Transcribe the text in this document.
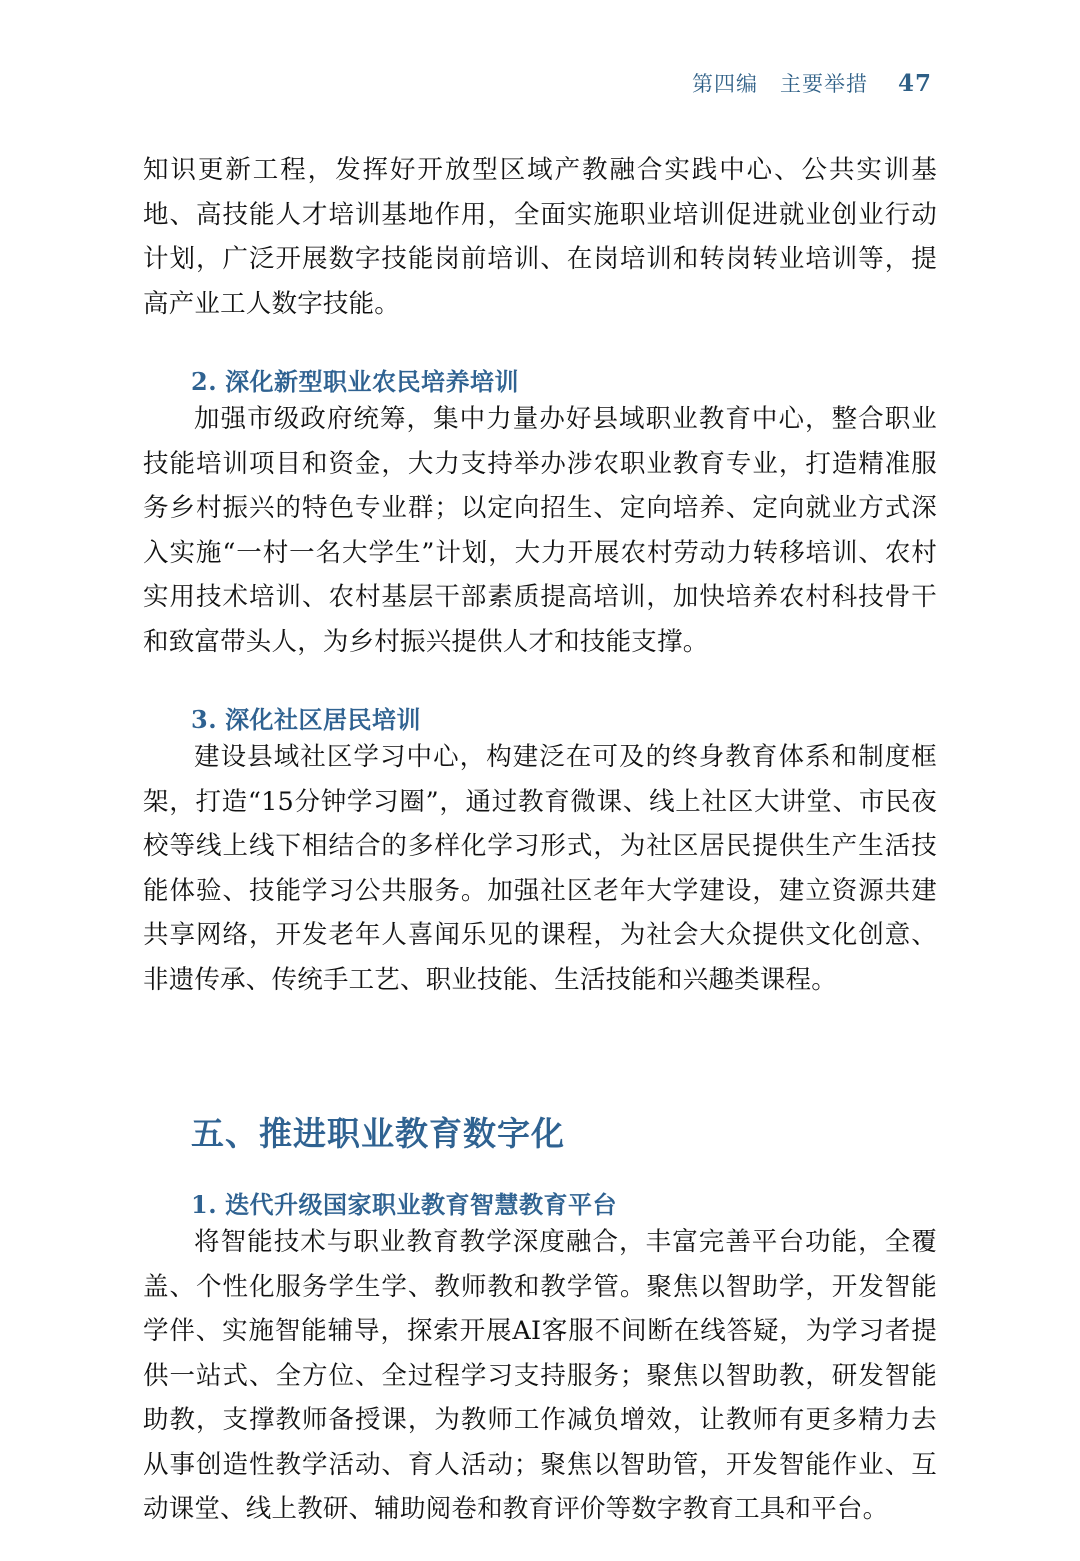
第四编 主要举措 47

知识更新工程，发挥好开放型区域产教融合实践中心、公共实训基地、高技能人才培训基地作用，全面实施职业培训促进就业创业行动计划，广泛开展数字技能岗前培训、在岗培训和转岗转业培训等，提高产业工人数字技能。

2. 深化新型职业农民培养培训

加强市级政府统筹，集中力量办好县域职业教育中心，整合职业技能培训项目和资金，大力支持举办涉农职业教育专业，打造精准服务乡村振兴的特色专业群；以定向招生、定向培养、定向就业方式深入实施“一村一名大学生”计划，大力开展农村劳动力转移培训、农村实用技术培训、农村基层干部素质提高培训，加快培养农村科技骨干和致富带头人，为乡村振兴提供人才和技能支撑。

3. 深化社区居民培训

建设县域社区学习中心，构建泛在可及的终身教育体系和制度框架，打造“15分钟学习圈”，通过教育微课、线上社区大讲堂、市民夜校等线上线下相结合的多样化学习形式，为社区居民提供生产生活技能体验、技能学习公共服务。加强社区老年大学建设，建立资源共建共享网络，开发老年人喜闻乐见的课程，为社会大众提供文化创意、非遗传承、传统手工艺、职业技能、生活技能和兴趣类课程。

五、推进职业教育数字化

1. 迭代升级国家职业教育智慧教育平台

将智能技术与职业教育教学深度融合，丰富完善平台功能，全覆盖、个性化服务学生学、教师教和教学管。聚焦以智助学，开发智能学伴、实施智能辅导，探索开展AI客服不间断在线答疑，为学习者提供一站式、全方位、全过程学习支持服务；聚焦以智助教，研发智能助教，支撑教师备授课，为教师工作减负增效，让教师有更多精力去从事创造性教学活动、育人活动；聚焦以智助管，开发智能作业、互动课堂、线上教研、辅助阅卷和教育评价等数字教育工具和平台。
